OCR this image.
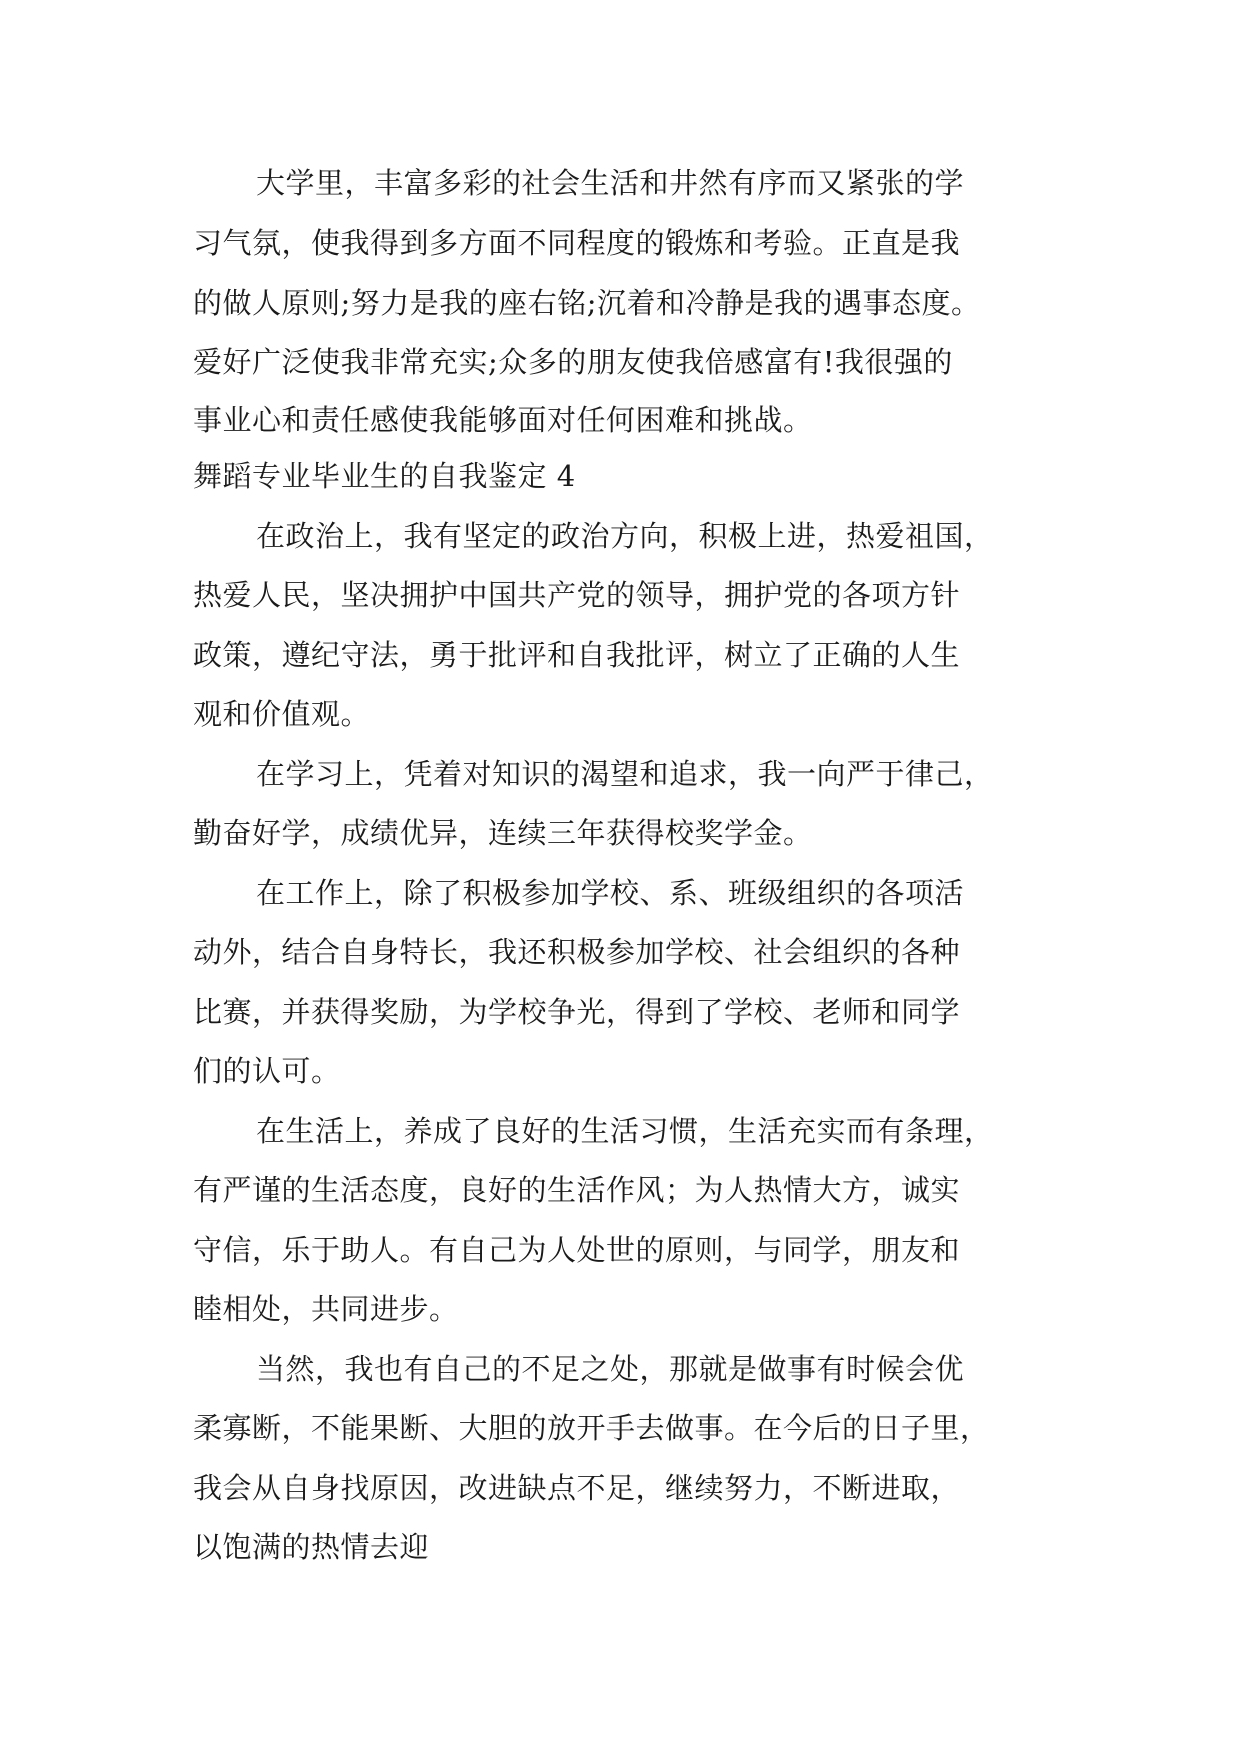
大学里，丰富多彩的社会生活和井然有序而又紧张的学
习气氛，使我得到多方面不同程度的锻炼和考验。正直是我
的做人原则;努力是我的座右铭;沉着和冷静是我的遇事态度。
爱好广泛使我非常充实;众多的朋友使我倍感富有!我很强的
事业心和责任感使我能够面对任何困难和挑战。
舞蹈专业毕业生的自我鉴定 4
在政治上，我有坚定的政治方向，积极上进，热爱祖国，
热爱人民，坚决拥护中国共产党的领导，拥护党的各项方针
政策，遵纪守法，勇于批评和自我批评，树立了正确的人生
观和价值观。
在学习上，凭着对知识的渴望和追求，我一向严于律己，
勤奋好学，成绩优异，连续三年获得校奖学金。
在工作上，除了积极参加学校、系、班级组织的各项活
动外，结合自身特长，我还积极参加学校、社会组织的各种
比赛，并获得奖励，为学校争光，得到了学校、老师和同学
们的认可。
在生活上，养成了良好的生活习惯，生活充实而有条理，
有严谨的生活态度，良好的生活作风；为人热情大方，诚实
守信，乐于助人。有自己为人处世的原则，与同学，朋友和
睦相处，共同进步。
当然，我也有自己的不足之处，那就是做事有时候会优
柔寡断，不能果断、大胆的放开手去做事。在今后的日子里，
我会从自身找原因，改进缺点不足，继续努力，不断进取，
以饱满的热情去迎
